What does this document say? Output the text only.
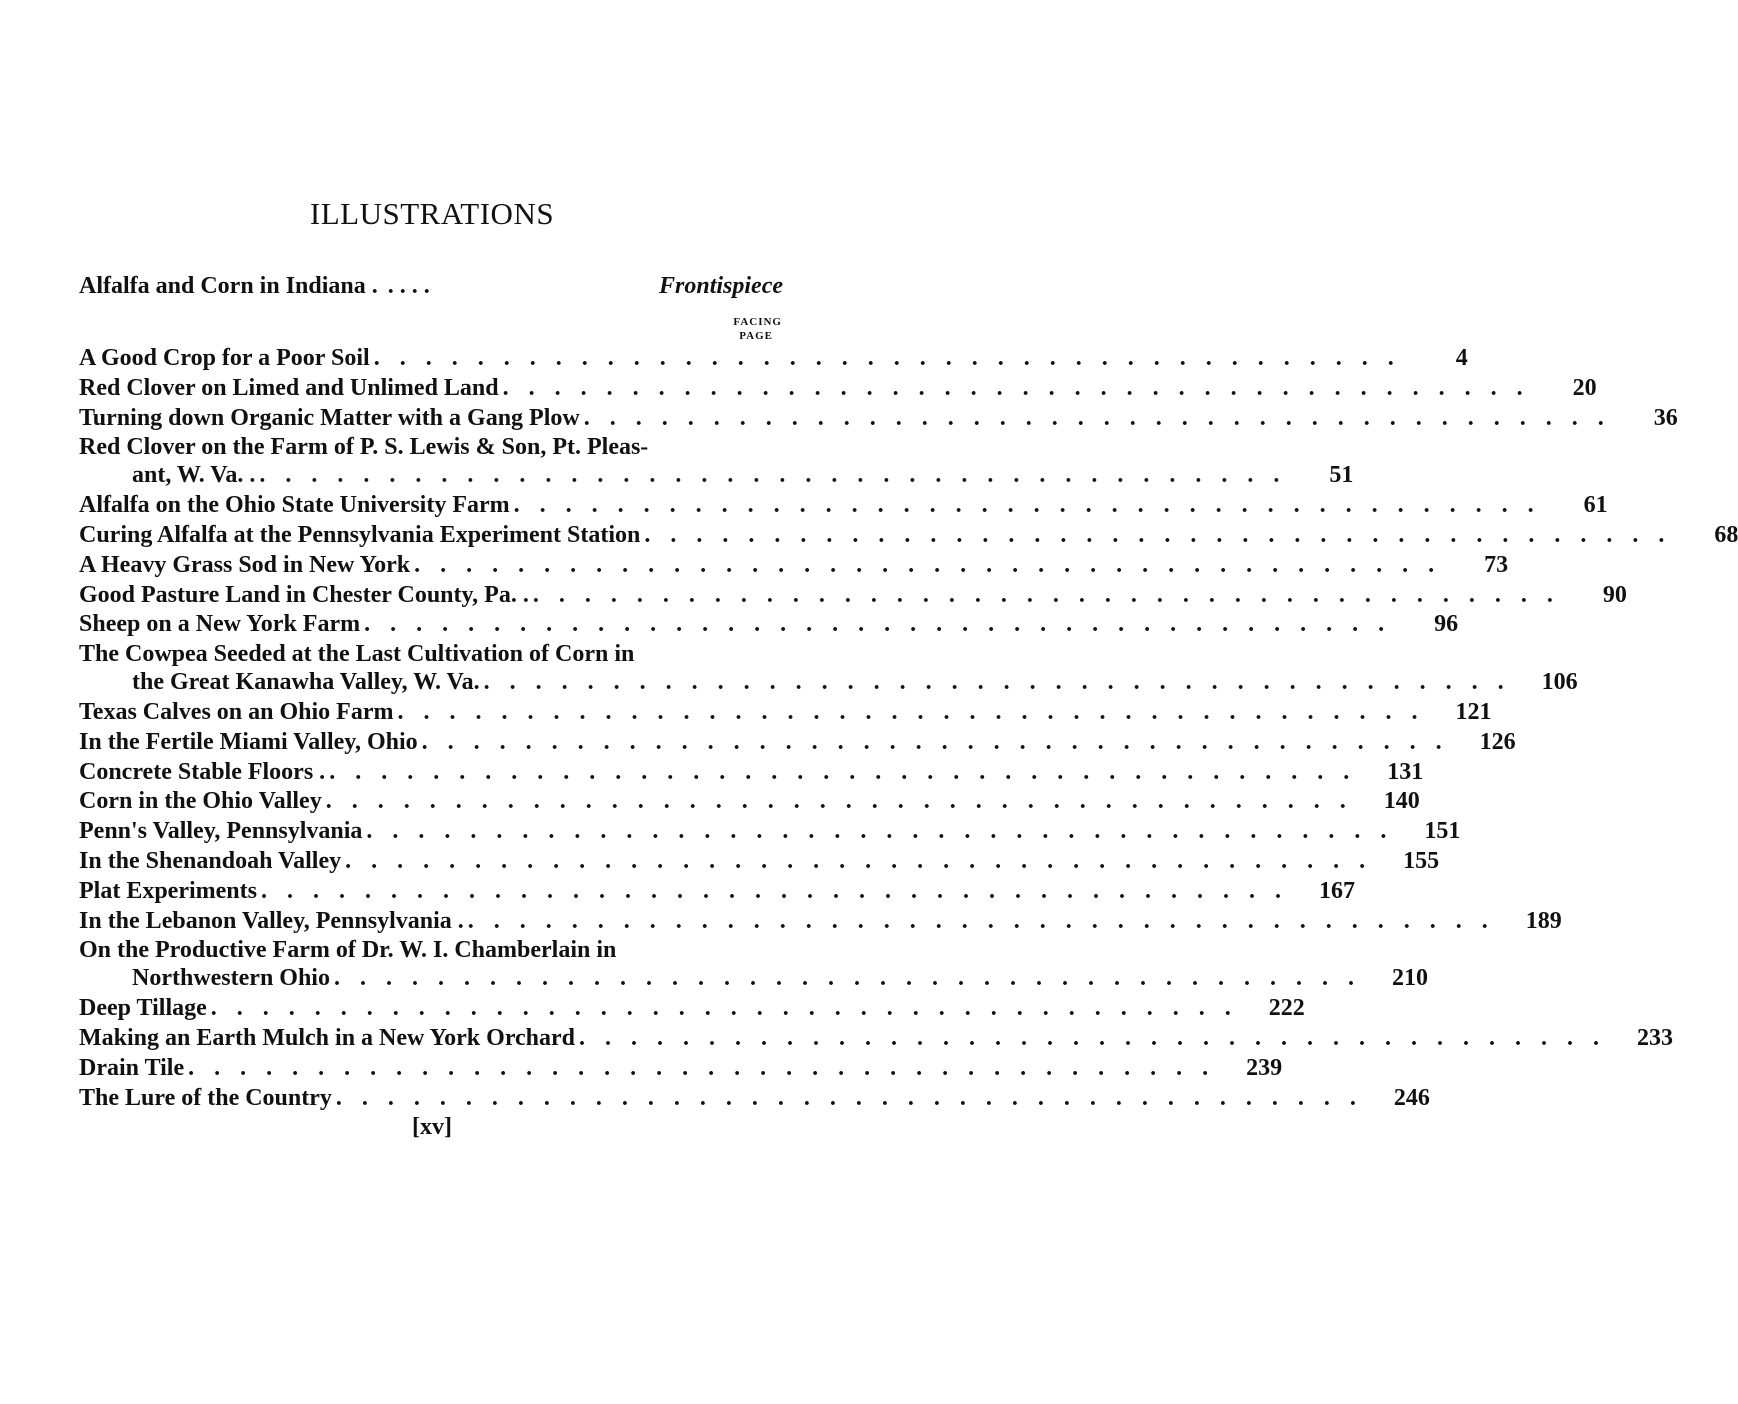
ILLUSTRATIONS
Alfalfa and Corn in Indiana . . . . .	Frontispiece
FACING
PAGE
A Good Crop for a Poor Soil ........................................	4
Red Clover on Limed and Unlimed Land ........................................	20
Turning down Organic Matter with a Gang Plow ........................................	36
Red Clover on the Farm of P. S. Lewis & Son, Pt. Pleas-
ant, W. Va. . ........................................	51
Alfalfa on the Ohio State University Farm ........................................	61
Curing Alfalfa at the Pennsylvania Experiment Station ........................................	68
A Heavy Grass Sod in New York ........................................	73
Good Pasture Land in Chester County, Pa. . ........................................	90
Sheep on a New York Farm ........................................	96
The Cowpea Seeded at the Last Cultivation of Corn in
the Great Kanawha Valley, W. Va. ........................................ 106
Texas Calves on an Ohio Farm ........................................ 121
In the Fertile Miami Valley, Ohio ........................................ 126
Concrete Stable Floors . ........................................ 131
Corn in the Ohio Valley ........................................ 140
Penn's Valley, Pennsylvania ........................................ 151
In the Shenandoah Valley ........................................ 155
Plat Experiments ........................................ 167
In the Lebanon Valley, Pennsylvania . ........................................ 189
On the Productive Farm of Dr. W. I. Chamberlain in
Northwestern Ohio ........................................ 210
Deep Tillage ........................................ 222
Making an Earth Mulch in a New York Orchard ........................................ 233
Drain Tile ........................................ 239
The Lure of the Country ........................................ 246
[xv]
